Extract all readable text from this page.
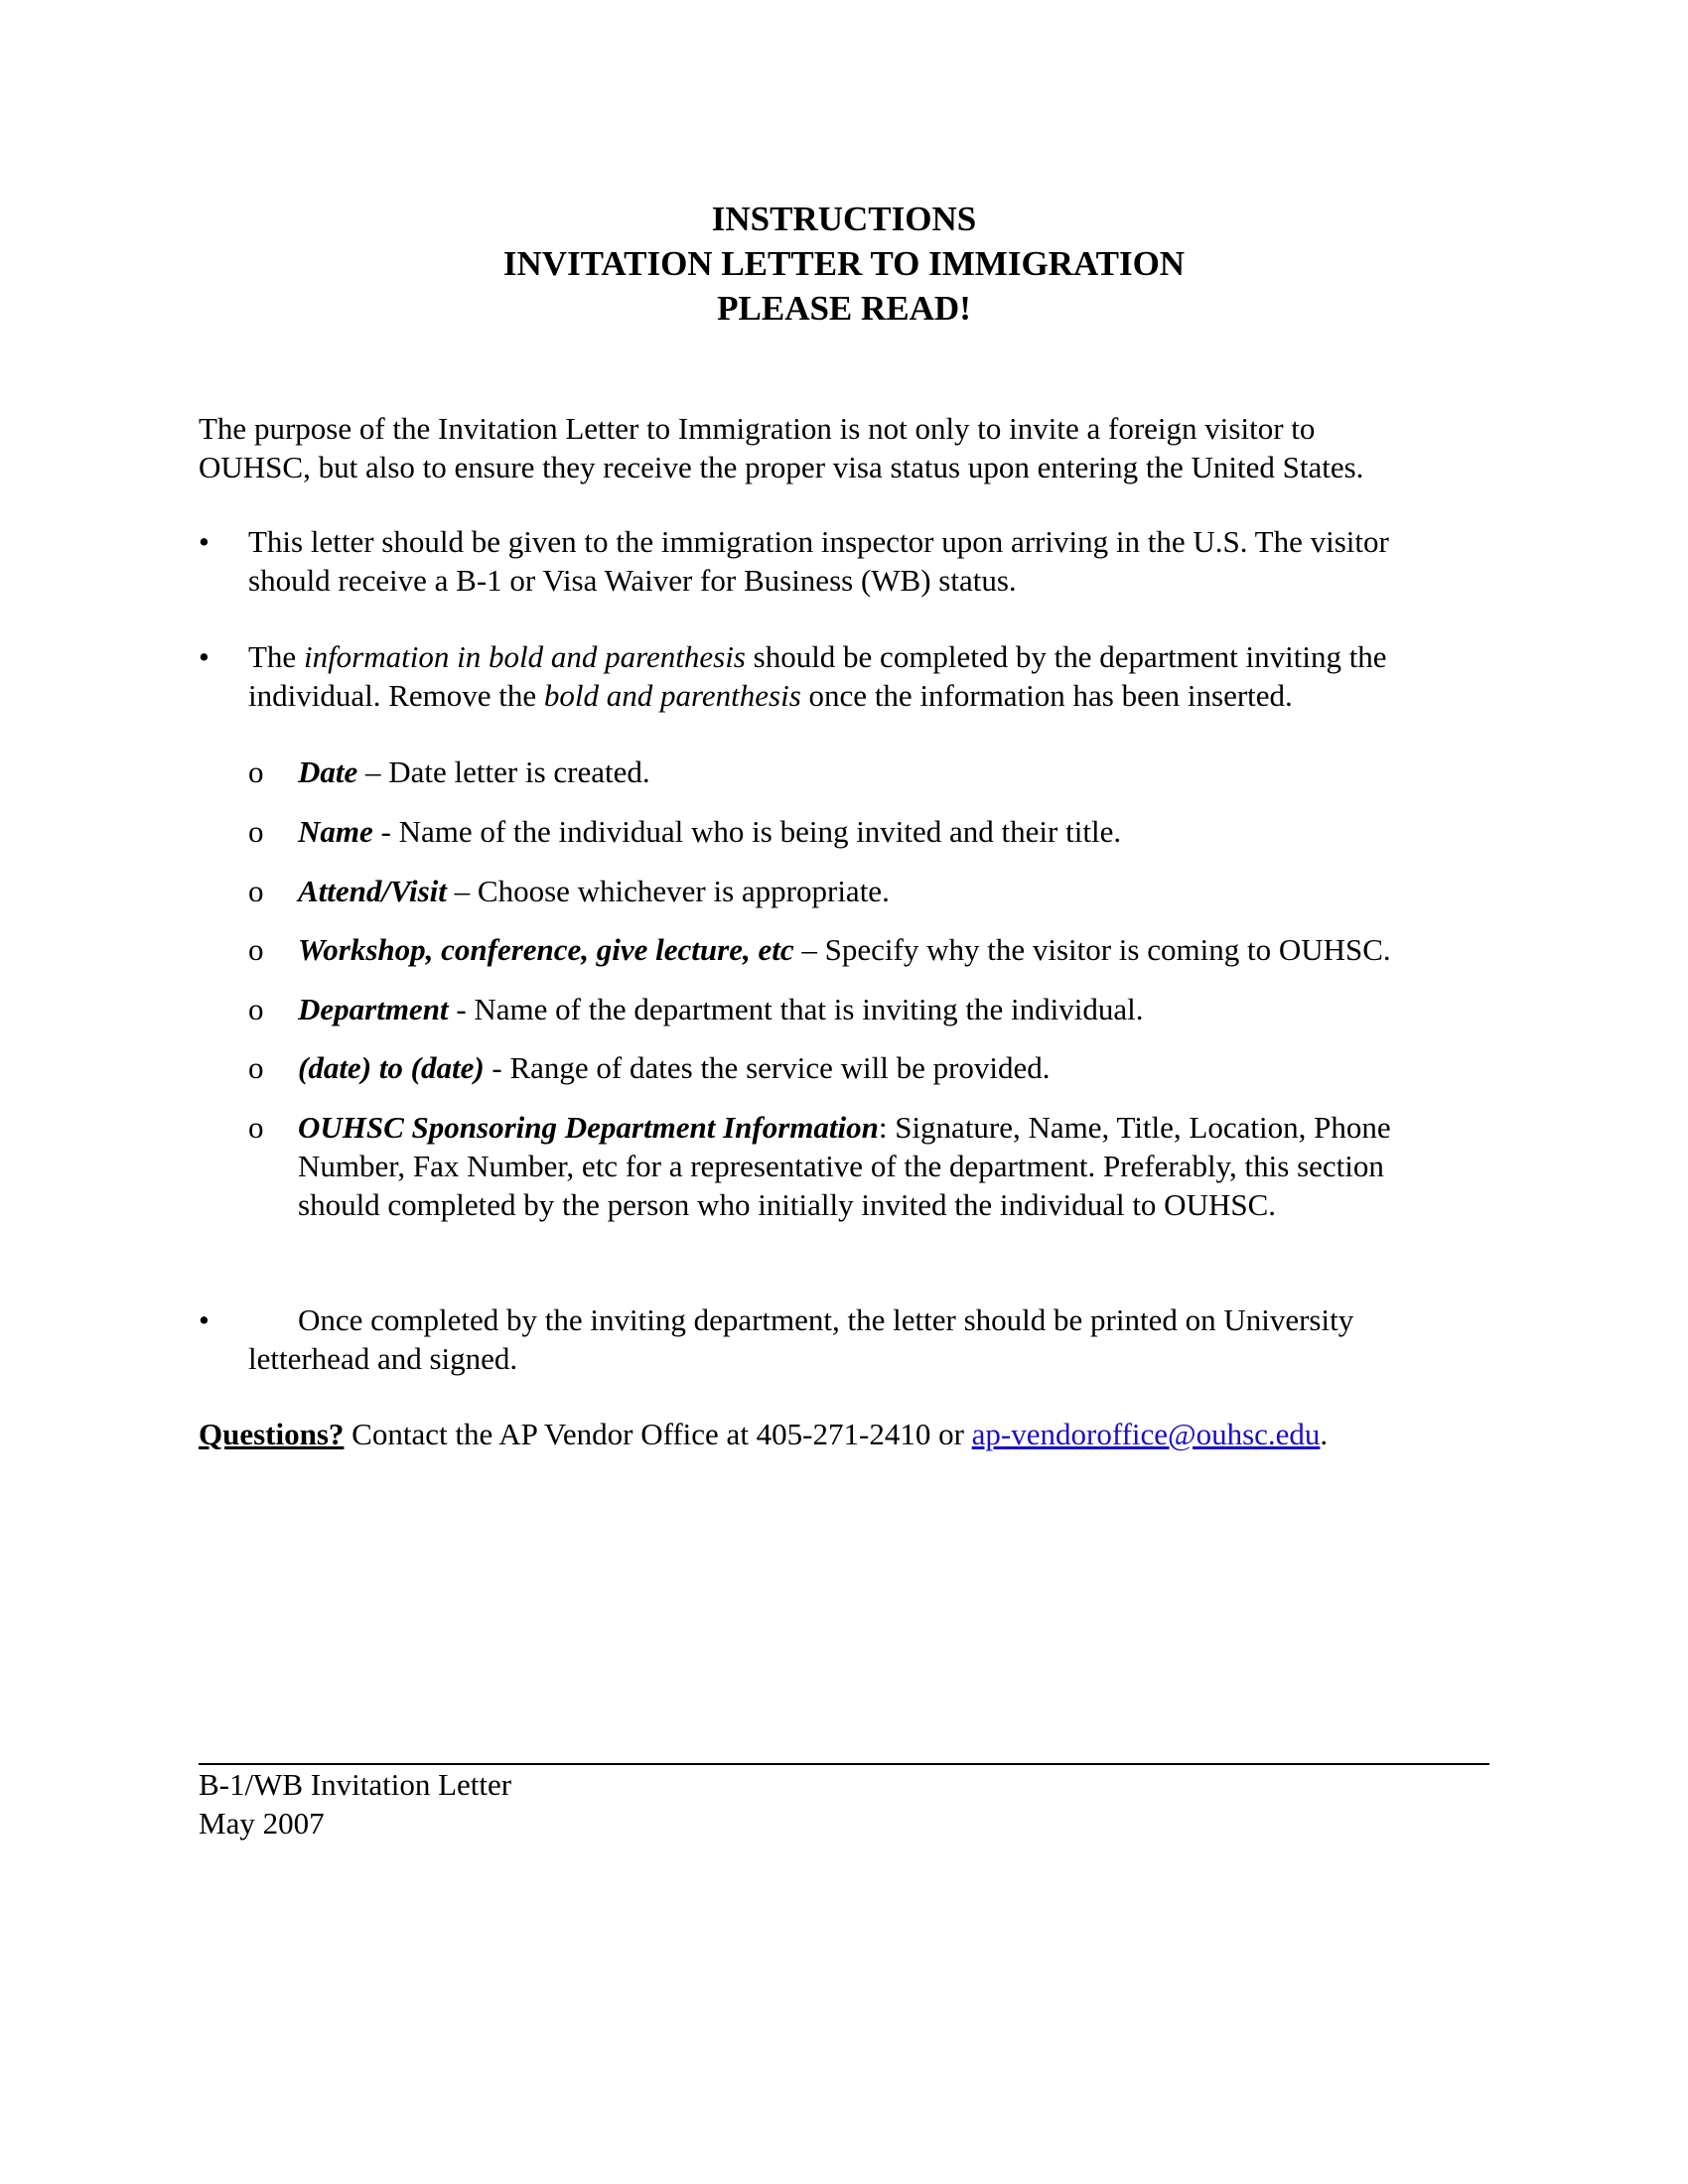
INSTRUCTIONS
INVITATION LETTER TO IMMIGRATION
PLEASE READ!
The purpose of the Invitation Letter to Immigration is not only to invite a foreign visitor to
OUHSC, but also to ensure they receive the proper visa status upon entering the United States.
• This letter should be given to the immigration inspector upon arriving in the U.S. The visitor
should receive a B-1 or Visa Waiver for Business (WB) status.
• The information in bold and parenthesis should be completed by the department inviting the
individual. Remove the bold and parenthesis once the information has been inserted.
o Date – Date letter is created.
o Name - Name of the individual who is being invited and their title.
o Attend/Visit – Choose whichever is appropriate.
o Workshop, conference, give lecture, etc – Specify why the visitor is coming to OUHSC.
o Department - Name of the department that is inviting the individual.
o (date) to (date) - Range of dates the service will be provided.
o OUHSC Sponsoring Department Information: Signature, Name, Title, Location, Phone
Number, Fax Number, etc for a representative of the department. Preferably, this section
should completed by the person who initially invited the individual to OUHSC.
•	Once completed by the inviting department, the letter should be printed on University
letterhead and signed.
Questions? Contact the AP Vendor Office at 405-271-2410 or ap-vendoroffice@ouhsc.edu.
B-1/WB Invitation Letter
May 2007
